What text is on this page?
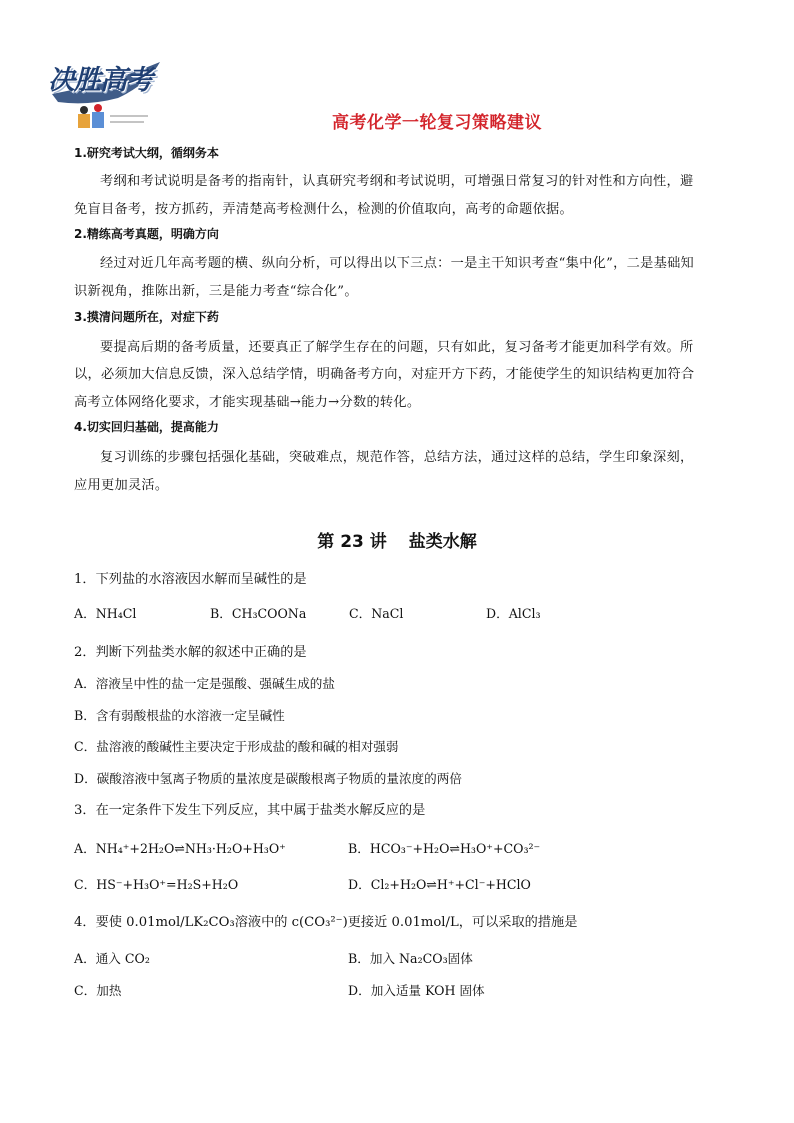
决胜高考
高考化学一轮复习策略建议
1.研究考试大纲，循纲务本
考纲和考试说明是备考的指南针，认真研究考纲和考试说明，可增强日常复习的针对性和方向性，避
免盲目备考，按方抓药，弄清楚高考检测什么，检测的价值取向，高考的命题依据。
2.精练高考真题，明确方向
经过对近几年高考题的横、纵向分析，可以得出以下三点：一是主干知识考查“集中化”，二是基础知
识新视角，推陈出新，三是能力考查“综合化”。
3.摸清问题所在，对症下药
要提高后期的备考质量，还要真正了解学生存在的问题，只有如此，复习备考才能更加科学有效。所
以，必须加大信息反馈，深入总结学情，明确备考方向，对症开方下药，才能使学生的知识结构更加符合
高考立体网络化要求，才能实现基础→能力→分数的转化。
4.切实回归基础，提高能力
复习训练的步骤包括强化基础，突破难点，规范作答，总结方法，通过这样的总结，学生印象深刻，
应用更加灵活。
第 23 讲 盐类水解
1．下列盐的水溶液因水解而呈碱性的是
A．NH₄Cl	B．CH₃COONa	C．NaCl	D．AlCl₃
2．判断下列盐类水解的叙述中正确的是
A．溶液呈中性的盐一定是强酸、强碱生成的盐
B．含有弱酸根盐的水溶液一定呈碱性
C．盐溶液的酸碱性主要决定于形成盐的酸和碱的相对强弱
D．碳酸溶液中氢离子物质的量浓度是碳酸根离子物质的量浓度的两倍
3．在一定条件下发生下列反应，其中属于盐类水解反应的是
A．NH₄⁺+2H₂O⇌NH₃·H₂O+H₃O⁺	B．HCO₃⁻+H₂O⇌H₃O⁺+CO₃²⁻
C．HS⁻+H₃O⁺=H₂S+H₂O	D．Cl₂+H₂O⇌H⁺+Cl⁻+HClO
4．要使 0.01mol/LK₂CO₃溶液中的 c(CO₃²⁻)更接近 0.01mol/L，可以采取的措施是
A．通入 CO₂	B．加入 Na₂CO₃固体
C．加热	D．加入适量 KOH 固体
